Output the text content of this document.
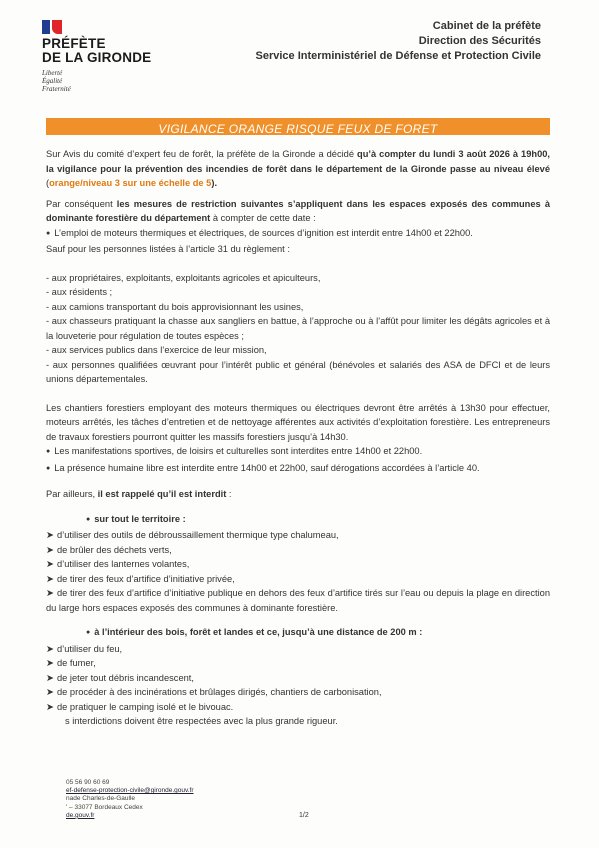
PRÉFÈTE
DE LA GIRONDE
Liberté
Égalité
Fraternité
Cabinet de la préfète
Direction des Sécurités
Service Interministériel de Défense et Protection Civile
VIGILANCE ORANGE RISQUE FEUX DE FORET

Sur Avis du comité d’expert feu de forêt, la préfète de la Gironde a décidé qu’à compter du lundi 3 août 2026 à 19h00, la vigilance pour la prévention des incendies de forêt dans le département de la Gironde passe au niveau élevé (orange/niveau 3 sur une échelle de 5).

Par conséquent les mesures de restriction suivantes s’appliquent dans les espaces exposés des communes à dominante forestière du département à compter de cette date :

● L’emploi de moteurs thermiques et électriques, de sources d’ignition est interdit entre 14h00 et 22h00.

Sauf pour les personnes listées à l’article 31 du règlement :

- aux propriétaires, exploitants, exploitants agricoles et apiculteurs,

- aux résidents ;

- aux camions transportant du bois approvisionnant les usines,

- aux chasseurs pratiquant la chasse aux sangliers en battue, à l’approche ou à l’affût pour limiter les dégâts agricoles et à la louveterie pour régulation de toutes espèces ;

- aux services publics dans l’exercice de leur mission,

- aux personnes qualifiées œuvrant pour l’intérêt public et général (bénévoles et salariés des ASA de DFCI et de leurs unions départementales.

Les chantiers forestiers employant des moteurs thermiques ou électriques devront être arrêtés à 13h30 pour effectuer, moteurs arrêtés, les tâches d’entretien et de nettoyage afférentes aux activités d’exploitation forestière. Les entrepreneurs de travaux forestiers pourront quitter les massifs forestiers jusqu’à 14h30.

● Les manifestations sportives, de loisirs et culturelles sont interdites entre 14h00 et 22h00.

● La présence humaine libre est interdite entre 14h00 et 22h00, sauf dérogations accordées à l’article 40.

Par ailleurs, il est rappelé qu’il est interdit :

● sur tout le territoire :

➤ d’utiliser des outils de débroussaillement thermique type chalumeau,

➤ de brûler des déchets verts,

➤ d’utiliser des lanternes volantes,

➤ de tirer des feux d’artifice d’initiative privée,

➤ de tirer des feux d’artifice d’initiative publique en dehors des feux d’artifice tirés sur l’eau ou depuis la plage en direction du large hors espaces exposés des communes à dominante forestière.

● à l’intérieur des bois, forêt et landes et ce, jusqu’à une distance de 200 m :

➤ d’utiliser du feu,

➤ de fumer,

➤ de jeter tout débris incandescent,

➤ de procéder à des incinérations et brûlages dirigés, chantiers de carbonisation,

➤ de pratiquer le camping isolé et le bivouac.

s interdictions doivent être respectées avec la plus grande rigueur.

05 56 90 60 69
ef-defense-protection-civile@gironde.gouv.fr
nade Charles-de-Gaulle
' – 33077 Bordeaux Cedex
de.gouv.fr	1/2
